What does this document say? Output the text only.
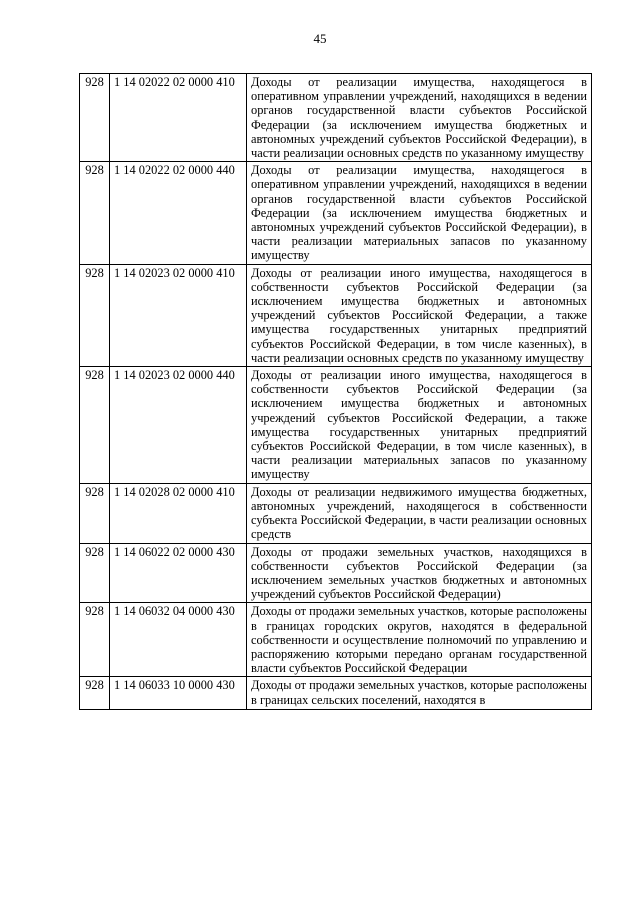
45
928	1 14 02022 02 0000 410	Доходы от реализации имущества, находящегося в оперативном управлении учреждений, находящихся в ведении органов государственной власти субъектов Российской Федерации (за исключением имущества бюджетных и автономных учреждений субъектов Российской Федерации), в части реализации основных средств по указанному имуществу
928	1 14 02022 02 0000 440	Доходы от реализации имущества, находящегося в оперативном управлении учреждений, находящихся в ведении органов государственной власти субъектов Российской Федерации (за исключением имущества бюджетных и автономных учреждений субъектов Российской Федерации), в части реализации материальных запасов по указанному имуществу
928	1 14 02023 02 0000 410	Доходы от реализации иного имущества, находящегося в собственности субъектов Российской Федерации (за исключением имущества бюджетных и автономных учреждений субъектов Российской Федерации, а также имущества государственных унитарных предприятий субъектов Российской Федерации, в том числе казенных), в части реализации основных средств по указанному имуществу
928	1 14 02023 02 0000 440	Доходы от реализации иного имущества, находящегося в собственности субъектов Российской Федерации (за исключением имущества бюджетных и автономных учреждений субъектов Российской Федерации, а также имущества государственных унитарных предприятий субъектов Российской Федерации, в том числе казенных), в части реализации материальных запасов по указанному имуществу
928	1 14 02028 02 0000 410	Доходы от реализации недвижимого имущества бюджетных, автономных учреждений, находящегося в собственности субъекта Российской Федерации, в части реализации основных средств
928	1 14 06022 02 0000 430	Доходы от продажи земельных участков, находящихся в собственности субъектов Российской Федерации (за исключением земельных участков бюджетных и автономных учреждений субъектов Российской Федерации)
928	1 14 06032 04 0000 430	Доходы от продажи земельных участков, которые расположены в границах городских округов, находятся в федеральной собственности и осуществление полномочий по управлению и распоряжению которыми передано органам государственной власти субъектов Российской Федерации

928	1 14 06033 10 0000 430	Доходы от продажи земельных участков, которые расположены в границах сельских поселений, находятся в
